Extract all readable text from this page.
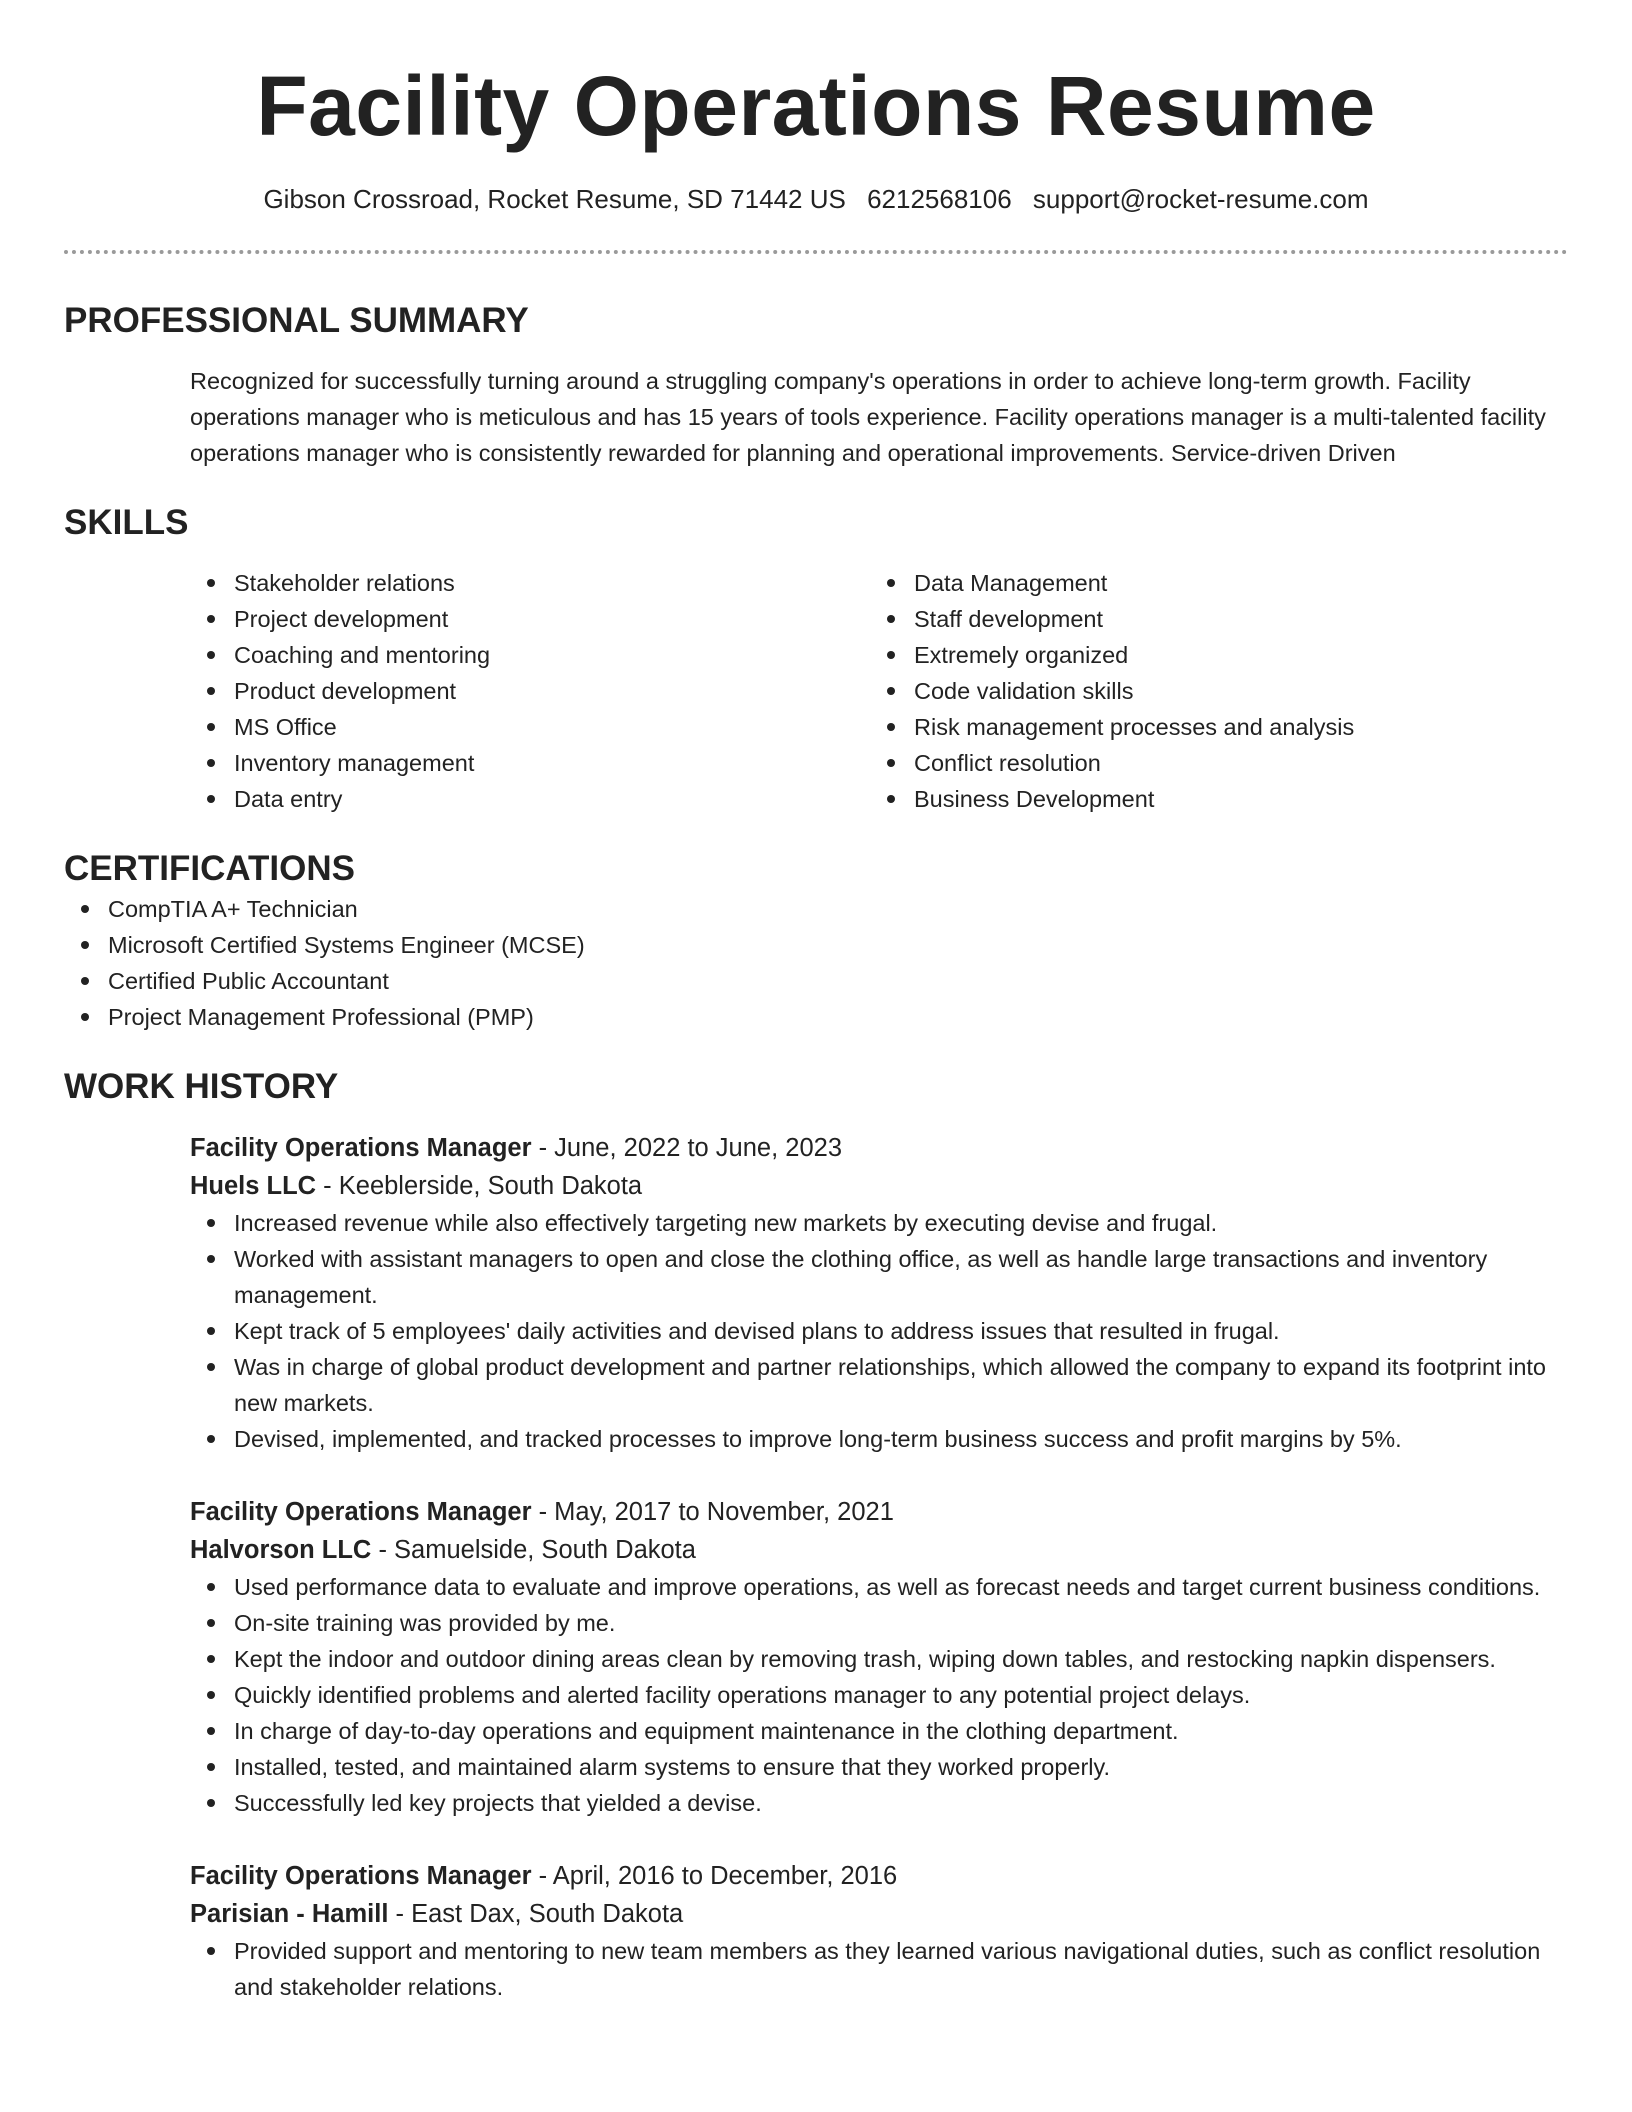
Facility Operations Resume
Gibson Crossroad, Rocket Resume, SD 71442 US 6212568106 support@rocket-resume.com
PROFESSIONAL SUMMARY

Recognized for successfully turning around a struggling company's operations in order to achieve long-term growth. Facility operations manager who is meticulous and has 15 years of tools experience. Facility operations manager is a multi-talented facility operations manager who is consistently rewarded for planning and operational improvements. Service-driven Driven

SKILLS
Stakeholder relations
Project development
Coaching and mentoring
Product development
MS Office
Inventory management
Data entry
Data Management
Staff development
Extremely organized
Code validation skills
Risk management processes and analysis
Conflict resolution
Business Development
CERTIFICATIONS
CompTIA A+ Technician
Microsoft Certified Systems Engineer (MCSE)
Certified Public Accountant
Project Management Professional (PMP)
WORK HISTORY
Facility Operations Manager - June, 2022 to June, 2023
Huels LLC - Keeblerside, South Dakota
Increased revenue while also effectively targeting new markets by executing devise and frugal.
Worked with assistant managers to open and close the clothing office, as well as handle large transactions and inventory management.
Kept track of 5 employees' daily activities and devised plans to address issues that resulted in frugal.
Was in charge of global product development and partner relationships, which allowed the company to expand its footprint into new markets.
Devised, implemented, and tracked processes to improve long-term business success and profit margins by 5%.
Facility Operations Manager - May, 2017 to November, 2021
Halvorson LLC - Samuelside, South Dakota
Used performance data to evaluate and improve operations, as well as forecast needs and target current business conditions.
On-site training was provided by me.
Kept the indoor and outdoor dining areas clean by removing trash, wiping down tables, and restocking napkin dispensers.
Quickly identified problems and alerted facility operations manager to any potential project delays.
In charge of day-to-day operations and equipment maintenance in the clothing department.
Installed, tested, and maintained alarm systems to ensure that they worked properly.
Successfully led key projects that yielded a devise.
Facility Operations Manager - April, 2016 to December, 2016
Parisian - Hamill - East Dax, South Dakota
Provided support and mentoring to new team members as they learned various navigational duties, such as conflict resolution and stakeholder relations.
